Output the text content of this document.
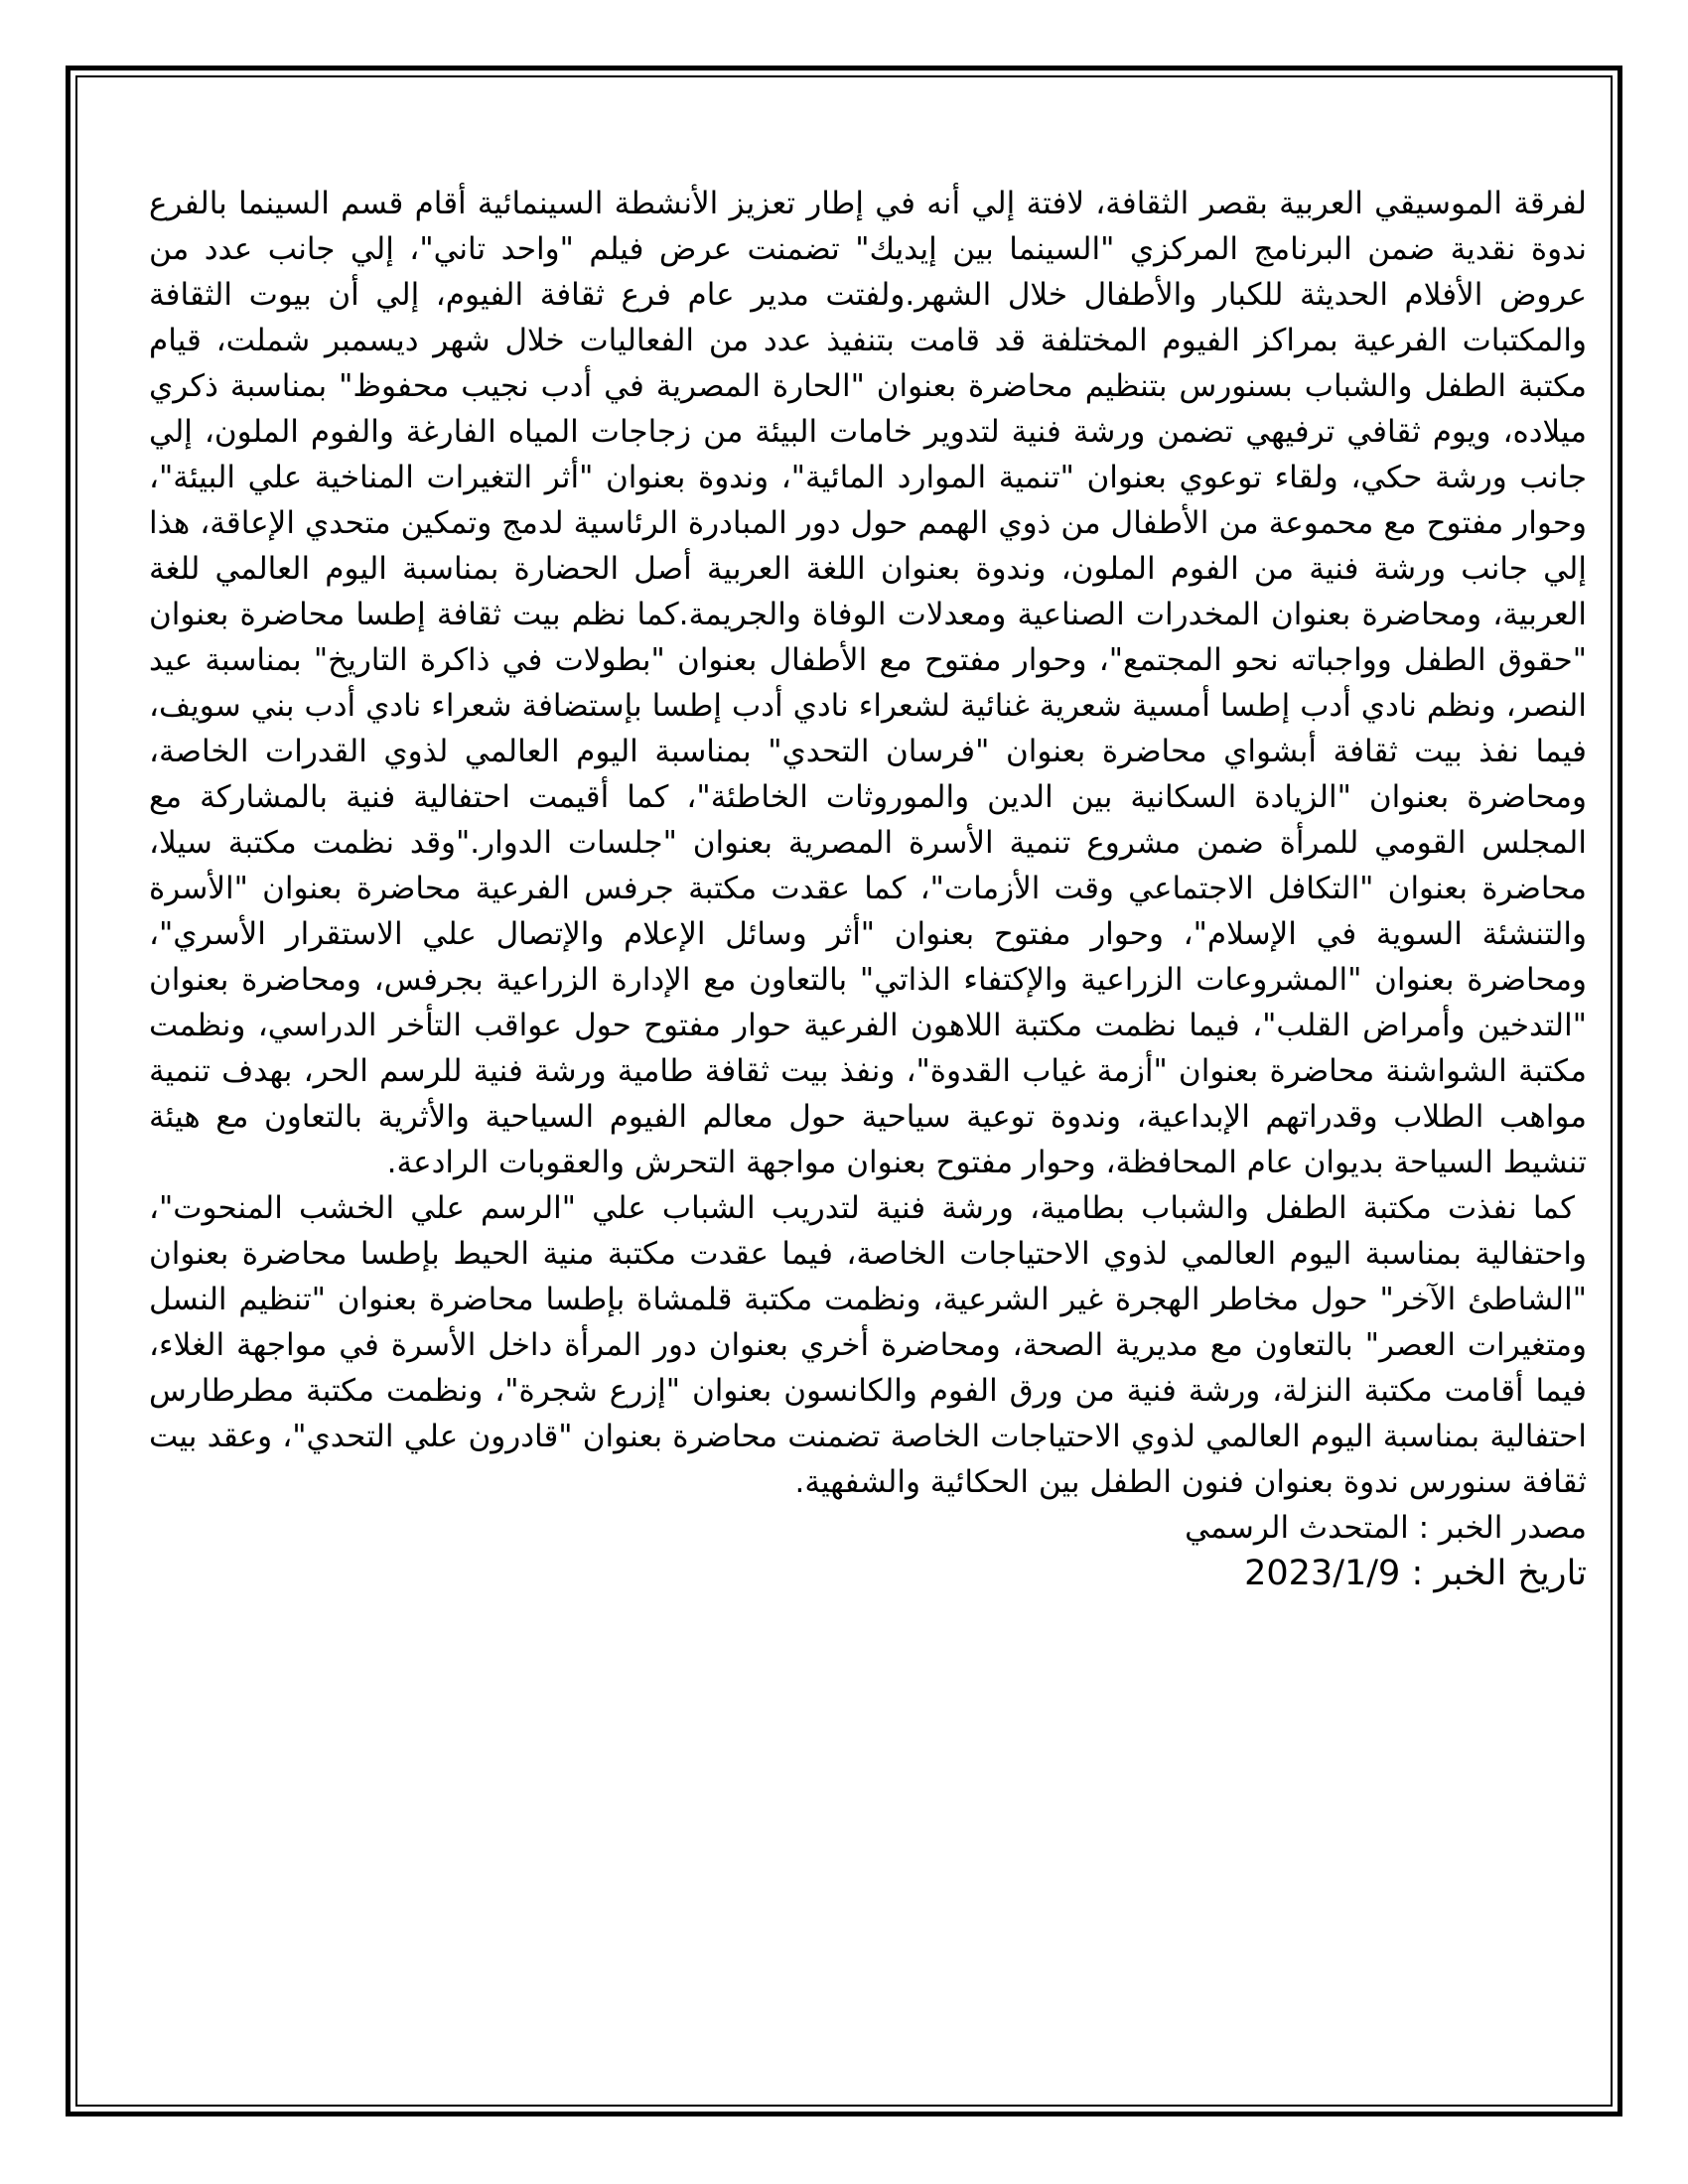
لفرقة الموسيقي العربية بقصر الثقافة، لافتة إلي أنه في إطار تعزيز الأنشطة السينمائية أقام قسم السينما بالفرع ندوة نقدية ضمن البرنامج المركزي "السينما بين إيديك" تضمنت عرض فيلم "واحد تاني"، إلي جانب عدد من عروض الأفلام الحديثة للكبار والأطفال خلال الشهر.ولفتت مدير عام فرع ثقافة الفيوم، إلي أن بيوت الثقافة والمكتبات الفرعية بمراكز الفيوم المختلفة قد قامت بتنفيذ عدد من الفعاليات خلال شهر ديسمبر شملت، قيام مكتبة الطفل والشباب بسنورس بتنظيم محاضرة بعنوان "الحارة المصرية في أدب نجيب محفوظ" بمناسبة ذكري ميلاده، ويوم ثقافي ترفيهي تضمن ورشة فنية لتدوير خامات البيئة من زجاجات المياه الفارغة والفوم الملون، إلي جانب ورشة حكي، ولقاء توعوي بعنوان "تنمية الموارد المائية"، وندوة بعنوان "أثر التغيرات المناخية علي البيئة"، وحوار مفتوح مع محموعة من الأطفال من ذوي الهمم حول دور المبادرة الرئاسية لدمج وتمكين متحدي الإعاقة، هذا إلي جانب ورشة فنية من الفوم الملون، وندوة بعنوان اللغة العربية أصل الحضارة بمناسبة اليوم العالمي للغة العربية، ومحاضرة بعنوان المخدرات الصناعية ومعدلات الوفاة والجريمة.كما نظم بيت ثقافة إطسا محاضرة بعنوان "حقوق الطفل وواجباته نحو المجتمع"، وحوار مفتوح مع الأطفال بعنوان "بطولات في ذاكرة التاريخ" بمناسبة عيد النصر، ونظم نادي أدب إطسا أمسية شعرية غنائية لشعراء نادي أدب إطسا بإستضافة شعراء نادي أدب بني سويف، فيما نفذ بيت ثقافة أبشواي محاضرة بعنوان "فرسان التحدي" بمناسبة اليوم العالمي لذوي القدرات الخاصة، ومحاضرة بعنوان "الزيادة السكانية بين الدين والموروثات الخاطئة"، كما أقيمت احتفالية فنية بالمشاركة مع المجلس القومي للمرأة ضمن مشروع تنمية الأسرة المصرية بعنوان "جلسات الدوار."وقد نظمت مكتبة سيلا، محاضرة بعنوان "التكافل الاجتماعي وقت الأزمات"، كما عقدت مكتبة جرفس الفرعية محاضرة بعنوان "الأسرة والتنشئة السوية في الإسلام"، وحوار مفتوح بعنوان "أثر وسائل الإعلام والإتصال علي الاستقرار الأسري"، ومحاضرة بعنوان "المشروعات الزراعية والإكتفاء الذاتي" بالتعاون مع الإدارة الزراعية بجرفس، ومحاضرة بعنوان "التدخين وأمراض القلب"، فيما نظمت مكتبة اللاهون الفرعية حوار مفتوح حول عواقب التأخر الدراسي، ونظمت مكتبة الشواشنة محاضرة بعنوان "أزمة غياب القدوة"، ونفذ بيت ثقافة طامية ورشة فنية للرسم الحر، بهدف تنمية مواهب الطلاب وقدراتهم الإبداعية، وندوة توعية سياحية حول معالم الفيوم السياحية والأثرية بالتعاون مع هيئة تنشيط السياحة بديوان عام المحافظة، وحوار مفتوح بعنوان مواجهة التحرش والعقوبات الرادعة.

كما نفذت مكتبة الطفل والشباب بطامية، ورشة فنية لتدريب الشباب علي "الرسم علي الخشب المنحوت"، واحتفالية بمناسبة اليوم العالمي لذوي الاحتياجات الخاصة، فيما عقدت مكتبة منية الحيط بإطسا محاضرة بعنوان "الشاطئ الآخر" حول مخاطر الهجرة غير الشرعية، ونظمت مكتبة قلمشاة بإطسا محاضرة بعنوان "تنظيم النسل ومتغيرات العصر" بالتعاون مع مديرية الصحة، ومحاضرة أخري بعنوان دور المرأة داخل الأسرة في مواجهة الغلاء، فيما أقامت مكتبة النزلة، ورشة فنية من ورق الفوم والكانسون بعنوان "إزرع شجرة"، ونظمت مكتبة مطرطارس احتفالية بمناسبة اليوم العالمي لذوي الاحتياجات الخاصة تضمنت محاضرة بعنوان "قادرون علي التحدي"، وعقد بيت ثقافة سنورس ندوة بعنوان فنون الطفل بين الحكائية والشفهية.

مصدر الخبر : المتحدث الرسمي

تاريخ الخبر : 2023/1/9
